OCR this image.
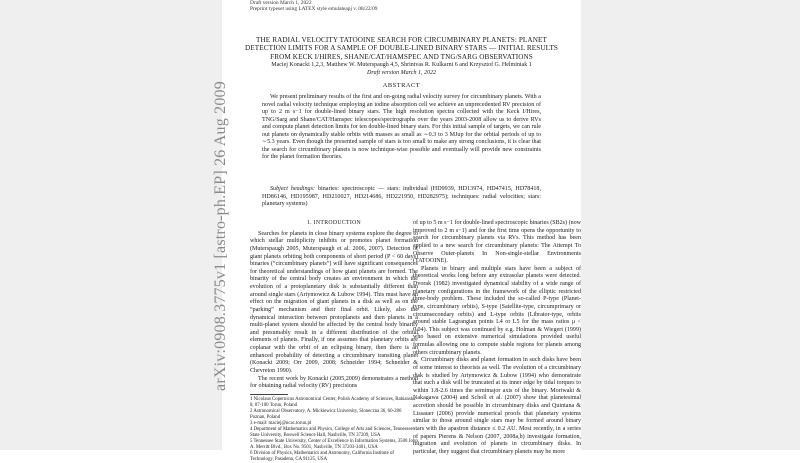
Draft version March 1, 2022
Preprint typeset using LATEX style emulateapj v. 08/22/09
THE RADIAL VELOCITY TATOOINE SEARCH FOR CIRCUMBINARY PLANETS: PLANET DETECTION LIMITS FOR A SAMPLE OF DOUBLE-LINED BINARY STARS — INITIAL RESULTS FROM KECK I/HIRES, SHANE/CAT/HAMSPEC AND TNG/SARG OBSERVATIONS
Maciej Konacki 1,2,3, Matthew W. Muterspaugh 4,5, Shrinivas R. Kulkarni 6 and Krzysztof G. Helminiak 1
Draft version March 1, 2022
ABSTRACT
We present preliminary results of the first and on-going radial velocity survey for circumbinary planets. With a novel radial velocity technique employing an iodine absorption cell we achieve an unprecedented RV precision of up to 2 m s−1 for double-lined binary stars. The high resolution spectra collected with the Keck I/Hires, TNG/Sarg and Shane/CAT/Hamspec telescopes/spectrographs over the years 2003-2008 allow us to derive RVs and compute planet detection limits for ten double-lined binary stars. For this initial sample of targets, we can rule out planets on dynamically stable orbits with masses as small as ∼0.3 to 3 MJup for the orbital periods of up to ∼5.3 years. Even though the presented sample of stars is too small to make any strong conclusions, it is clear that the search for circumbinary planets is now technique-wise possible and eventually will provide new constraints for the planet formation theories.
Subject headings: binaries: spectroscopic — stars: individual (HD9939, HD13974, HD47415, HD78418, HD86146, HD195987, HD210027, HD214686, HD221950, HD282975); techniques: radial velocities; stars: planetary systems)
1. INTRODUCTION

Searches for planets in close binary systems explore the degree to which stellar multiplicity inhibits or promotes planet formation (Muterspaugh 2005, Muterspaugh et al. 2006, 2007). Detection of giant planets orbiting both components of short period (P < 60 days) binaries (“circumbinary planets”) will have significant consequences for theoretical understandings of how giant planets are formed. The binarity of the central body creates an environment in which the evolution of a protoplanetary disk is substantially different than around single stars (Artymowicz & Lubow 1994). This must have an effect on the migration of giant planets in a disk as well as on the “parking” mechanism and their final orbit. Likely, also the dynamical interaction between protoplanets and then planets in a multi-planet system should be affected by the central body binarity and presumably result in a different distribution of the orbital elements of planets. Finally, if one assumes that planetary orbits are coplanar with the orbit of an eclipsing binary, then there is an enhanced probability of detecting a circumbinary transiting planet (Konacki 2009; Orr 2009, 2008; Schneider 1994; Schneider & Chevreton 1990).

The recent work by Konacki (2005,2009) demonstrates a method for obtaining radial velocity (RV) precisions

1 Nicolaus Copernicus Astronomical Center, Polish Academy of Sciences, Rabianska 8, 87-100 Torun, Poland

2 Astronomical Observatory, A. Mickiewicz University, Sloneczna 36, 60-286 Poznan, Poland

3 e-mail: maciej@ncac.torun.pl

4 Department of Mathematics and Physics, College of Arts and Sciences, Tennessee State University, Boswell Science Hall, Nashville, TN 37209, USA

5 Tennessee State University, Center of Excellence in Information Systems, 3500 John A. Merritt Blvd., Box No. 9501, Nashville, TN 37203-3401, USA

6 Division of Physics, Mathematics and Astronomy, California Institute of Technology, Pasadena, CA 91125, USA

of up to 5 m s−1 for double-lined spectroscopic binaries (SB2s) (now improved to 2 m s−1) and for the first time opens the opportunity to search for circumbinary planets via RVs. This method has been applied to a new search for circumbinary planets: The Attempt To Observe Outer-planets In Non-single-stellar Environments (TATOOINE).

Planets in binary and multiple stars have been a subject of theoretical works long before any extrasolar planets were detected. Dvorak (1982) investigated dynamical stability of a wide range of planetary configurations in the framework of the elliptic restricted three-body problem. These included the so-called P-type (Planet-type, circumbinary orbits), S-type (Satellite-type, circumprimary or circumsecondary orbits) and L-type orbits (Librator-type, orbits around stable Lagrangian points L4 or L5 for the mass ratios μ < 0.04). This subject was continued by e.g. Holman & Wiegert (1999) who based on extensive numerical simulations provided useful formulas allowing one to compute stable regions for planets among others circumbinary planets.

Circumbinary disks and planet formation in such disks have been of some interest to theorists as well. The evolution of a circumbinary disk is studied by Artymowicz & Lubow (1994) who demonstrate that such a disk will be truncated at its inner edge by tidal torques to within 1.8-2.6 times the semimajor axis of the binary. Moriwaki & Nakagawa (2004) and Scholl et al. (2007) show that planetesimal accretion should be possible in circumbinary disks and Quintana & Lissauer (2006) provide numerical proofs that planetary systems similar to those around single stars may be formed around binary stars with the apastron distance ≤ 0.2 AU. Most recently, in a series of papers Pierens & Nelson (2007, 2008a,b) investigate formation, migration and evolution of planets in circumbinary disks. In particular, they suggest that circumbinary planets may be more

arXiv:0908.3775v1 [astro-ph.EP] 26 Aug 2009
